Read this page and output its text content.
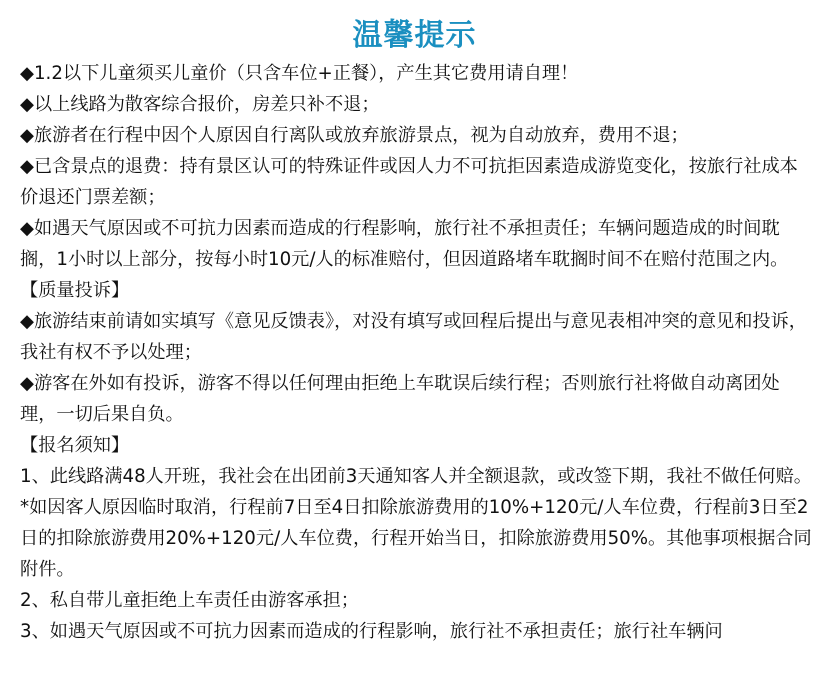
温馨提示

◆1.2以下儿童须买儿童价（只含车位+正餐），产生其它费用请自理！

◆以上线路为散客综合报价，房差只补不退；

◆旅游者在行程中因个人原因自行离队或放弃旅游景点，视为自动放弃，费用不退；

◆已含景点的退费：持有景区认可的特殊证件或因人力不可抗拒因素造成游览变化，按旅行社成本价退还门票差额；

◆如遇天气原因或不可抗力因素而造成的行程影响，旅行社不承担责任；车辆问题造成的时间耽搁，1小时以上部分，按每小时10元/人的标准赔付，但因道路堵车耽搁时间不在赔付范围之内。

【质量投诉】

◆旅游结束前请如实填写《意见反馈表》，对没有填写或回程后提出与意见表相冲突的意见和投诉，我社有权不予以处理；

◆游客在外如有投诉，游客不得以任何理由拒绝上车耽误后续行程；否则旅行社将做自动离团处理，一切后果自负。

【报名须知】

1、此线路满48人开班，我社会在出团前3天通知客人并全额退款，或改签下期，我社不做任何赔。

*如因客人原因临时取消，行程前7日至4日扣除旅游费用的10%+120元/人车位费，行程前3日至2日的扣除旅游费用20%+120元/人车位费，行程开始当日，扣除旅游费用50%。其他事项根据合同附件。

2、私自带儿童拒绝上车责任由游客承担；

3、如遇天气原因或不可抗力因素而造成的行程影响，旅行社不承担责任；旅行社车辆问
